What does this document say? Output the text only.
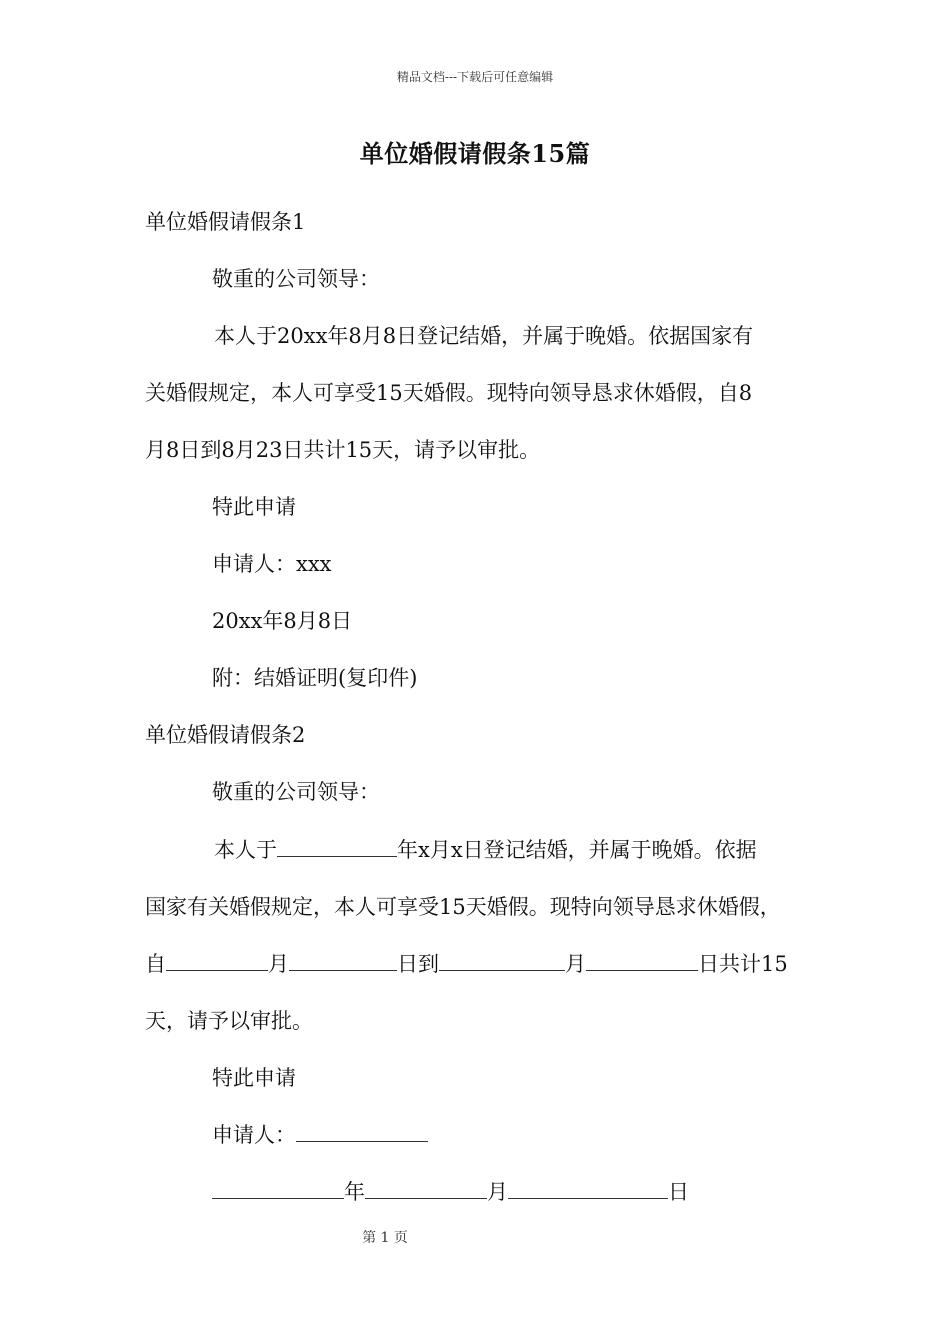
精品文档---下载后可任意编辑
单位婚假请假条15篇
单位婚假请假条1
敬重的公司领导：
本人于20xx年8月8日登记结婚，并属于晚婚。依据国家有
关婚假规定，本人可享受15天婚假。现特向领导恳求休婚假，自8
月8日到8月23日共计15天，请予以审批。
特此申请
申请人：xxx
20xx年8月8日
附：结婚证明(复印件)
单位婚假请假条2
敬重的公司领导：
本人于	年x月x日登记结婚，并属于晚婚。依据
国家有关婚假规定，本人可享受15天婚假。现特向领导恳求休婚假，
自	月	日到	月	日共计15
天，请予以审批。
特此申请
申请人：
年	月	日
第 1 页
